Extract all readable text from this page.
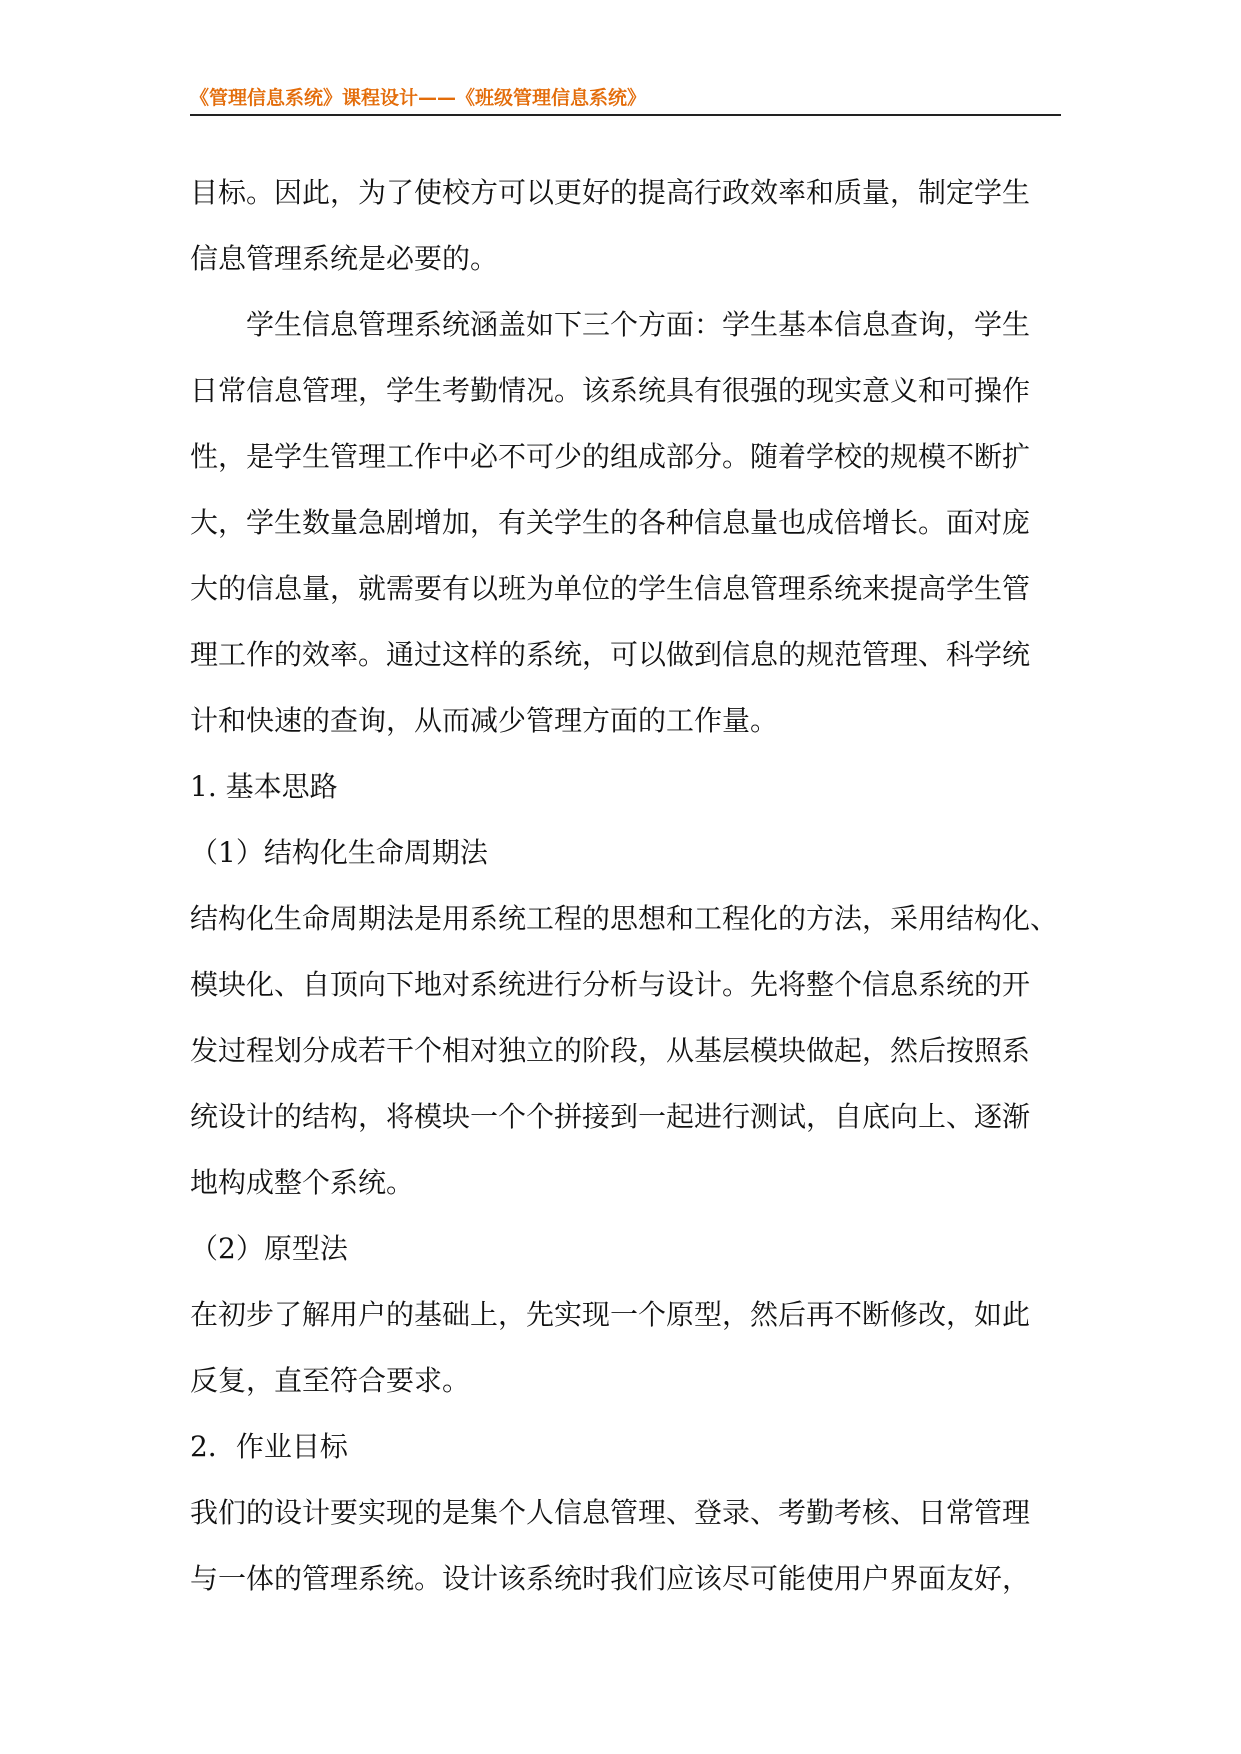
《管理信息系统》课程设计——《班级管理信息系统》
目标。因此，为了使校方可以更好的提高行政效率和质量，制定学生
信息管理系统是必要的。
学生信息管理系统涵盖如下三个方面：学生基本信息查询，学生
日常信息管理，学生考勤情况。该系统具有很强的现实意义和可操作
性，是学生管理工作中必不可少的组成部分。随着学校的规模不断扩
大，学生数量急剧增加，有关学生的各种信息量也成倍增长。面对庞
大的信息量，就需要有以班为单位的学生信息管理系统来提高学生管
理工作的效率。通过这样的系统，可以做到信息的规范管理、科学统
计和快速的查询，从而减少管理方面的工作量。
1. 基本思路
（1）结构化生命周期法
结构化生命周期法是用系统工程的思想和工程化的方法，采用结构化、
模块化、自顶向下地对系统进行分析与设计。先将整个信息系统的开
发过程划分成若干个相对独立的阶段，从基层模块做起，然后按照系
统设计的结构，将模块一个个拼接到一起进行测试，自底向上、逐渐
地构成整个系统。
（2）原型法
在初步了解用户的基础上，先实现一个原型，然后再不断修改，如此
反复，直至符合要求。
2．作业目标
我们的设计要实现的是集个人信息管理、登录、考勤考核、日常管理
与一体的管理系统。设计该系统时我们应该尽可能使用户界面友好，
